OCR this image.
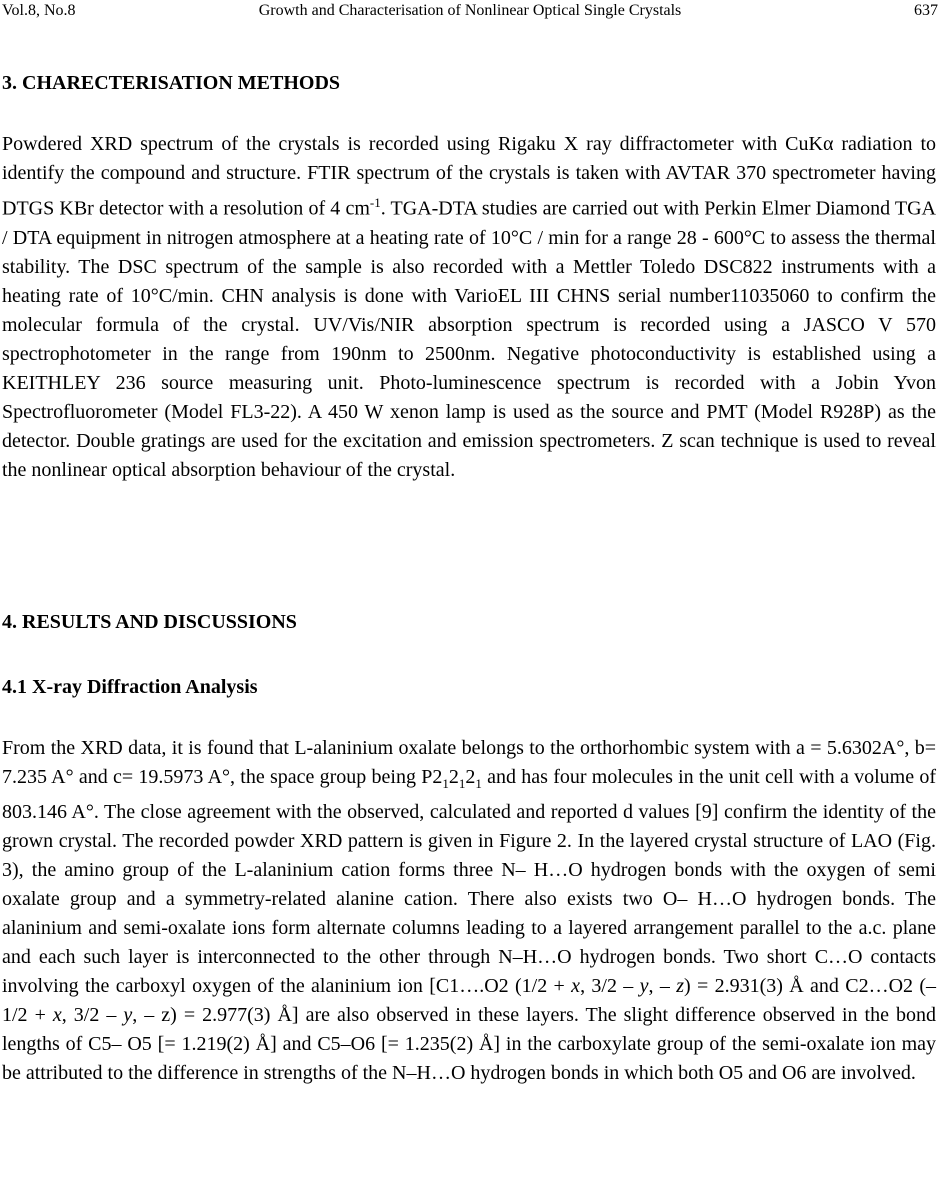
Vol.8, No.8	Growth and Characterisation of Nonlinear Optical Single Crystals	637
3. CHARECTERISATION METHODS

Powdered XRD spectrum of the crystals is recorded using Rigaku X ray diffractometer with CuKα radiation to identify the compound and structure. FTIR spectrum of the crystals is taken with AVTAR 370 spectrometer having DTGS KBr detector with a resolution of 4 $cm^{-1}$. TGA-DTA studies are carried out with Perkin Elmer Diamond TGA / DTA equipment in nitrogen atmosphere at a heating rate of 10°C / min for a range 28 - 600°C to assess the thermal stability. The DSC spectrum of the sample is also recorded with a Mettler Toledo DSC822 instruments with a heating rate of 10°C/min. CHN analysis is done with VarioEL III CHNS serial number11035060 to confirm the molecular formula of the crystal. UV/Vis/NIR absorption spectrum is recorded using a JASCO V 570 spectrophotometer in the range from 190nm to 2500nm. Negative photoconductivity is established using a KEITHLEY 236 source measuring unit. Photo-luminescence spectrum is recorded with a Jobin Yvon Spectrofluorometer (Model FL3-22). A 450 W xenon lamp is used as the source and PMT (Model R928P) as the detector. Double gratings are used for the excitation and emission spectrometers. Z scan technique is used to reveal the nonlinear optical absorption behaviour of the crystal.

4. RESULTS AND DISCUSSIONS
4.1 X-ray Diffraction Analysis

From the XRD data, it is found that L-alaninium oxalate belongs to the orthorhombic system with a = 5.6302A°, b= 7.235 A° and c= 19.5973 A°, the space group being $P2_12_12_1$ and has four molecules in the unit cell with a volume of 803.146 A°. The close agreement with the observed, calculated and reported d values [9] confirm the identity of the grown crystal. The recorded powder XRD pattern is given in Figure 2. In the layered crystal structure of LAO (Fig. 3), the amino group of the L-alaninium cation forms three N– H…O hydrogen bonds with the oxygen of semi oxalate group and a symmetry-related alanine cation. There also exists two O– H…O hydrogen bonds. The alaninium and semi-oxalate ions form alternate columns leading to a layered arrangement parallel to the a.c. plane and each such layer is interconnected to the other through N–H…O hydrogen bonds. Two short C…O contacts involving the carboxyl oxygen of the alaninium ion [C1….O2 (1/2 + x, 3/2 – y, – z) = 2.931(3) Å and C2…O2 (– 1/2 + x, 3/2 – y, – z) = 2.977(3) Å] are also observed in these layers. The slight difference observed in the bond lengths of C5– O5 [= 1.219(2) Å] and C5–O6 [= 1.235(2) Å] in the carboxylate group of the semi-oxalate ion may be attributed to the difference in strengths of the N–H…O hydrogen bonds in which both O5 and O6 are involved.
